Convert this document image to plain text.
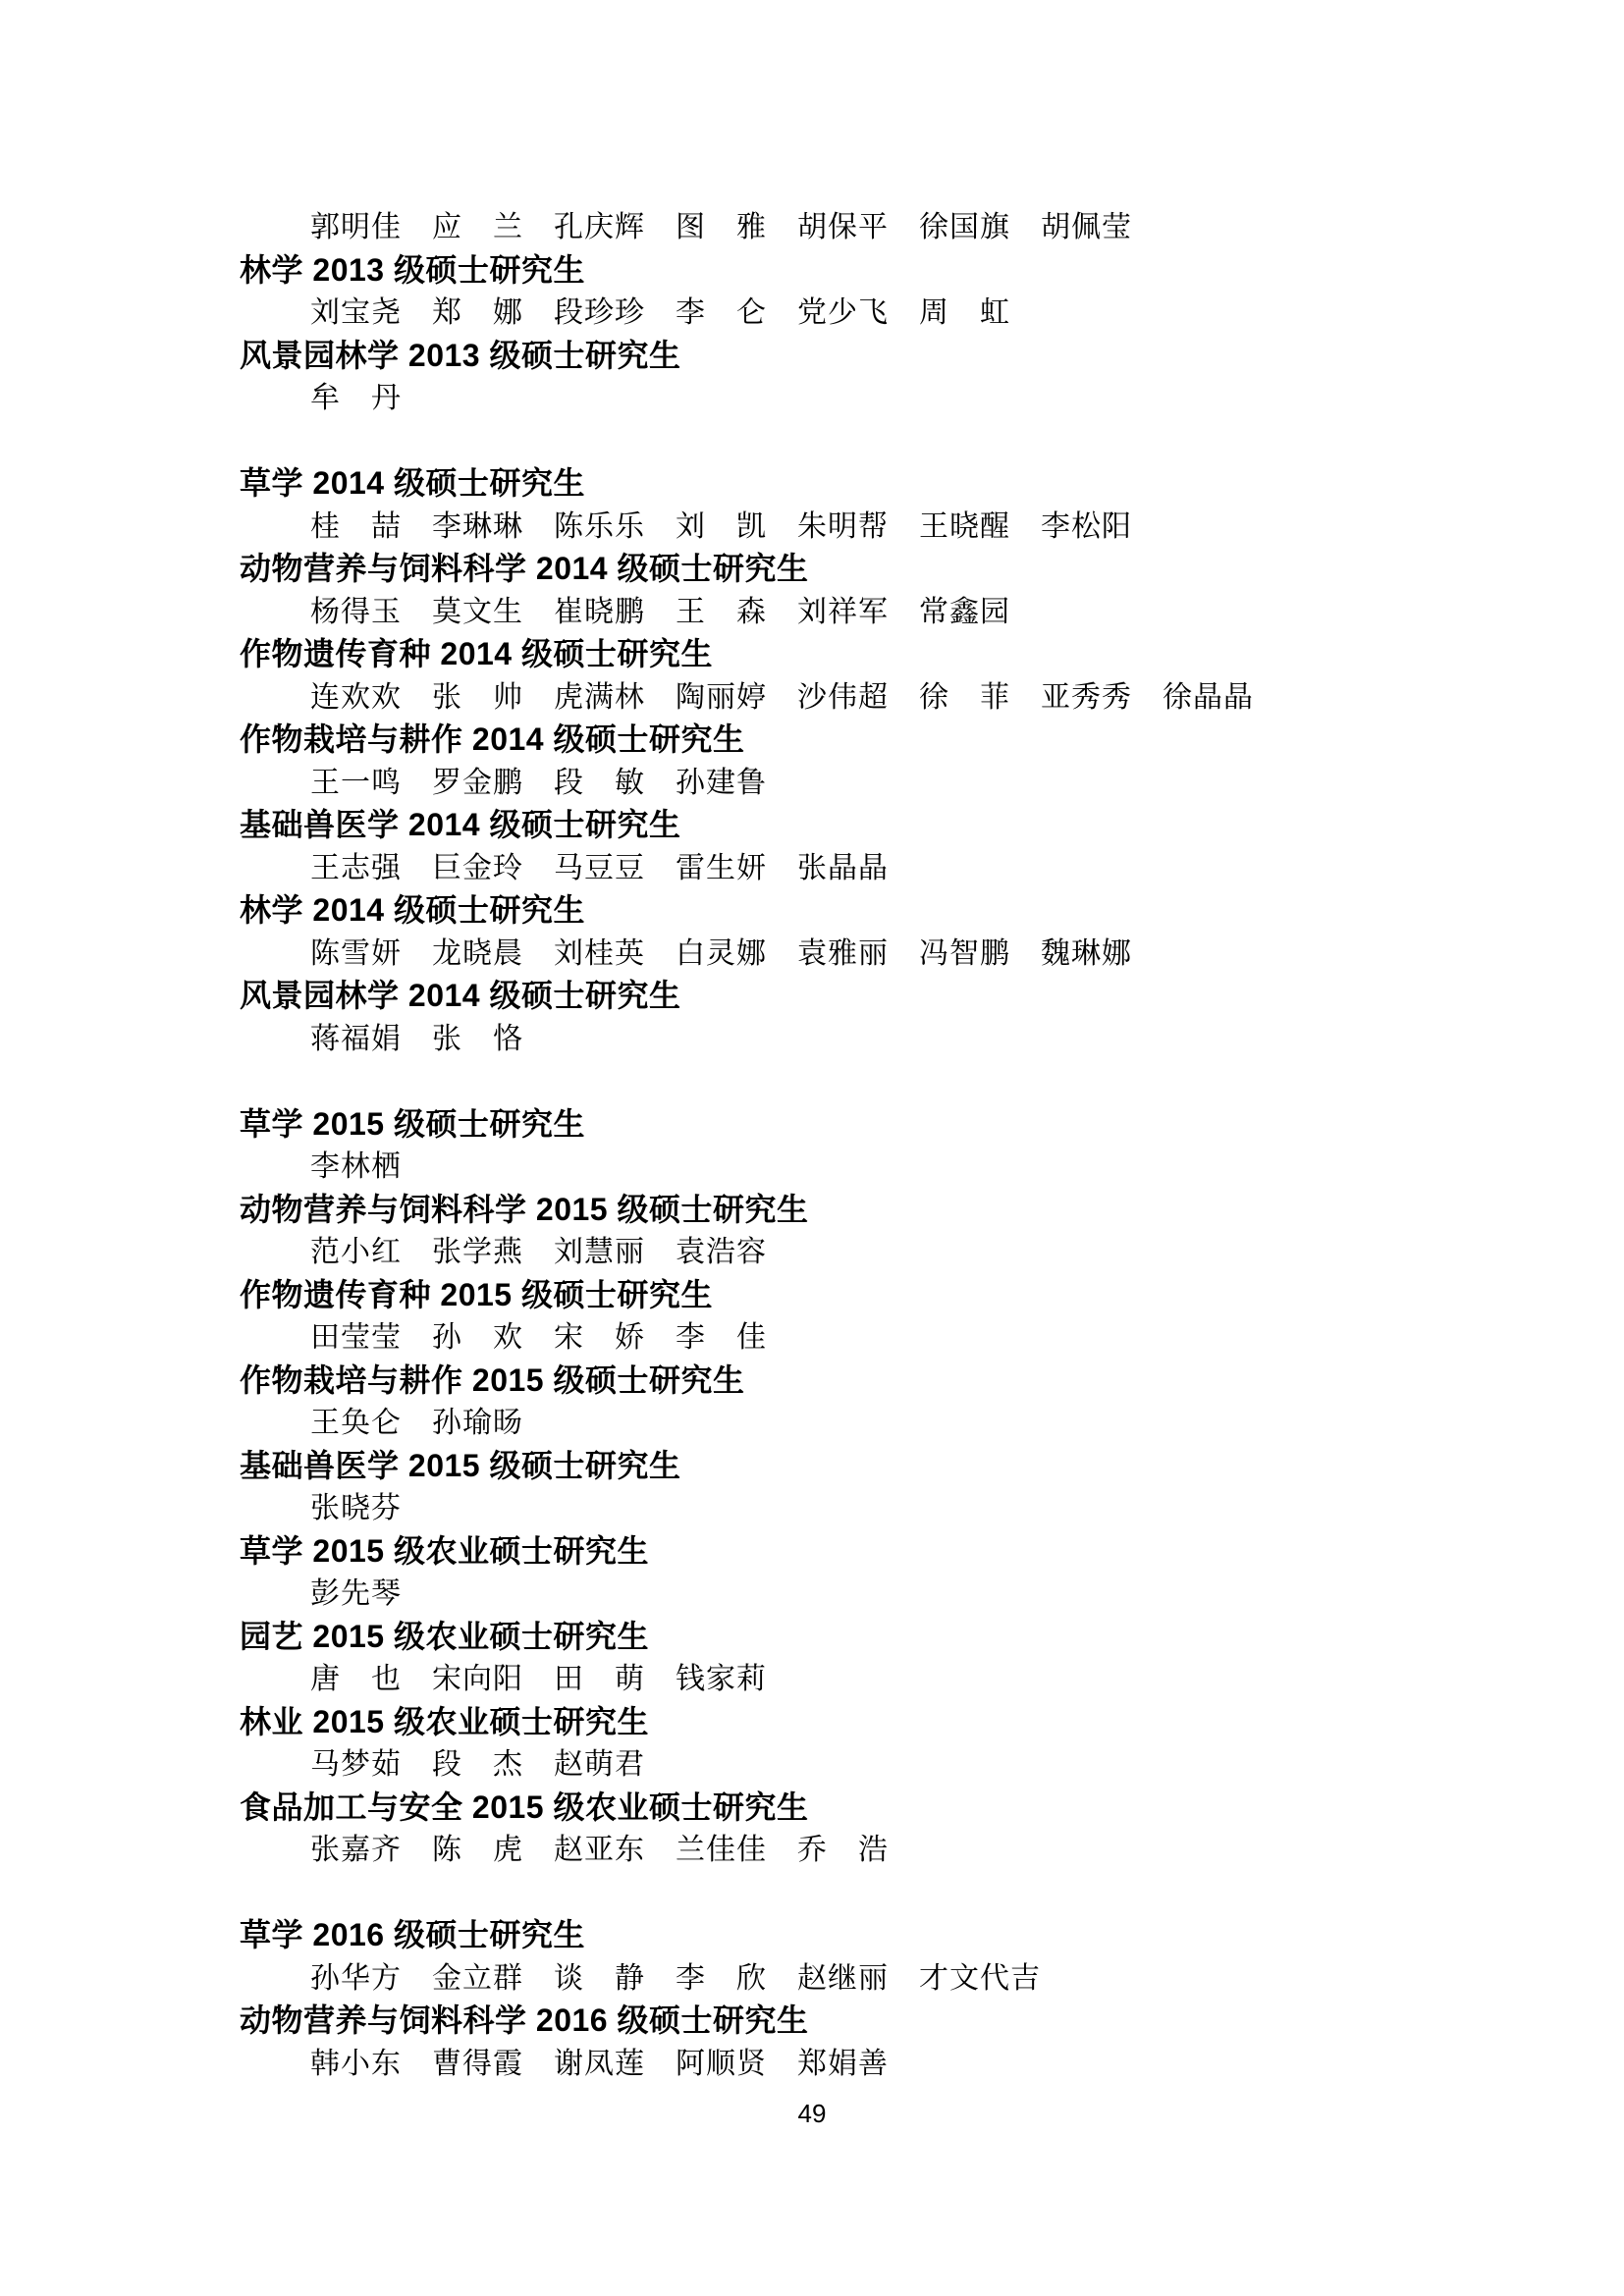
郭明佳　应　兰　孔庆辉　图　雅　胡保平　徐国旗　胡佩莹
林学 2013 级硕士研究生
刘宝尧　郑　娜　段珍珍　李　仑　党少飞　周　虹
风景园林学 2013 级硕士研究生
牟　丹
草学 2014 级硕士研究生
桂　喆　李琳琳　陈乐乐　刘　凯　朱明帮　王晓醒　李松阳
动物营养与饲料科学 2014 级硕士研究生
杨得玉　莫文生　崔晓鹏　王　森　刘祥军　常鑫园
作物遗传育种 2014 级硕士研究生
连欢欢　张　帅　虎满林　陶丽婷　沙伟超　徐　菲　亚秀秀　徐晶晶
作物栽培与耕作 2014 级硕士研究生
王一鸣　罗金鹏　段　敏　孙建鲁
基础兽医学 2014 级硕士研究生
王志强　巨金玲　马豆豆　雷生妍　张晶晶
林学 2014 级硕士研究生
陈雪妍　龙晓晨　刘桂英　白灵娜　袁雅丽　冯智鹏　魏琳娜
风景园林学 2014 级硕士研究生
蒋福娟　张　恪
草学 2015 级硕士研究生
李林栖
动物营养与饲料科学 2015 级硕士研究生
范小红　张学燕　刘慧丽　袁浩容
作物遗传育种 2015 级硕士研究生
田莹莹　孙　欢　宋　娇　李　佳
作物栽培与耕作 2015 级硕士研究生
王奂仑　孙瑜旸
基础兽医学 2015 级硕士研究生
张晓芬
草学 2015 级农业硕士研究生
彭先琴
园艺 2015 级农业硕士研究生
唐　也　宋向阳　田　萌　钱家莉
林业 2015 级农业硕士研究生
马梦茹　段　杰　赵萌君
食品加工与安全 2015 级农业硕士研究生
张嘉齐　陈　虎　赵亚东　兰佳佳　乔　浩
草学 2016 级硕士研究生
孙华方　金立群　谈　静　李　欣　赵继丽　才文代吉
动物营养与饲料科学 2016 级硕士研究生
韩小东　曹得霞　谢凤莲　阿顺贤　郑娟善
49
